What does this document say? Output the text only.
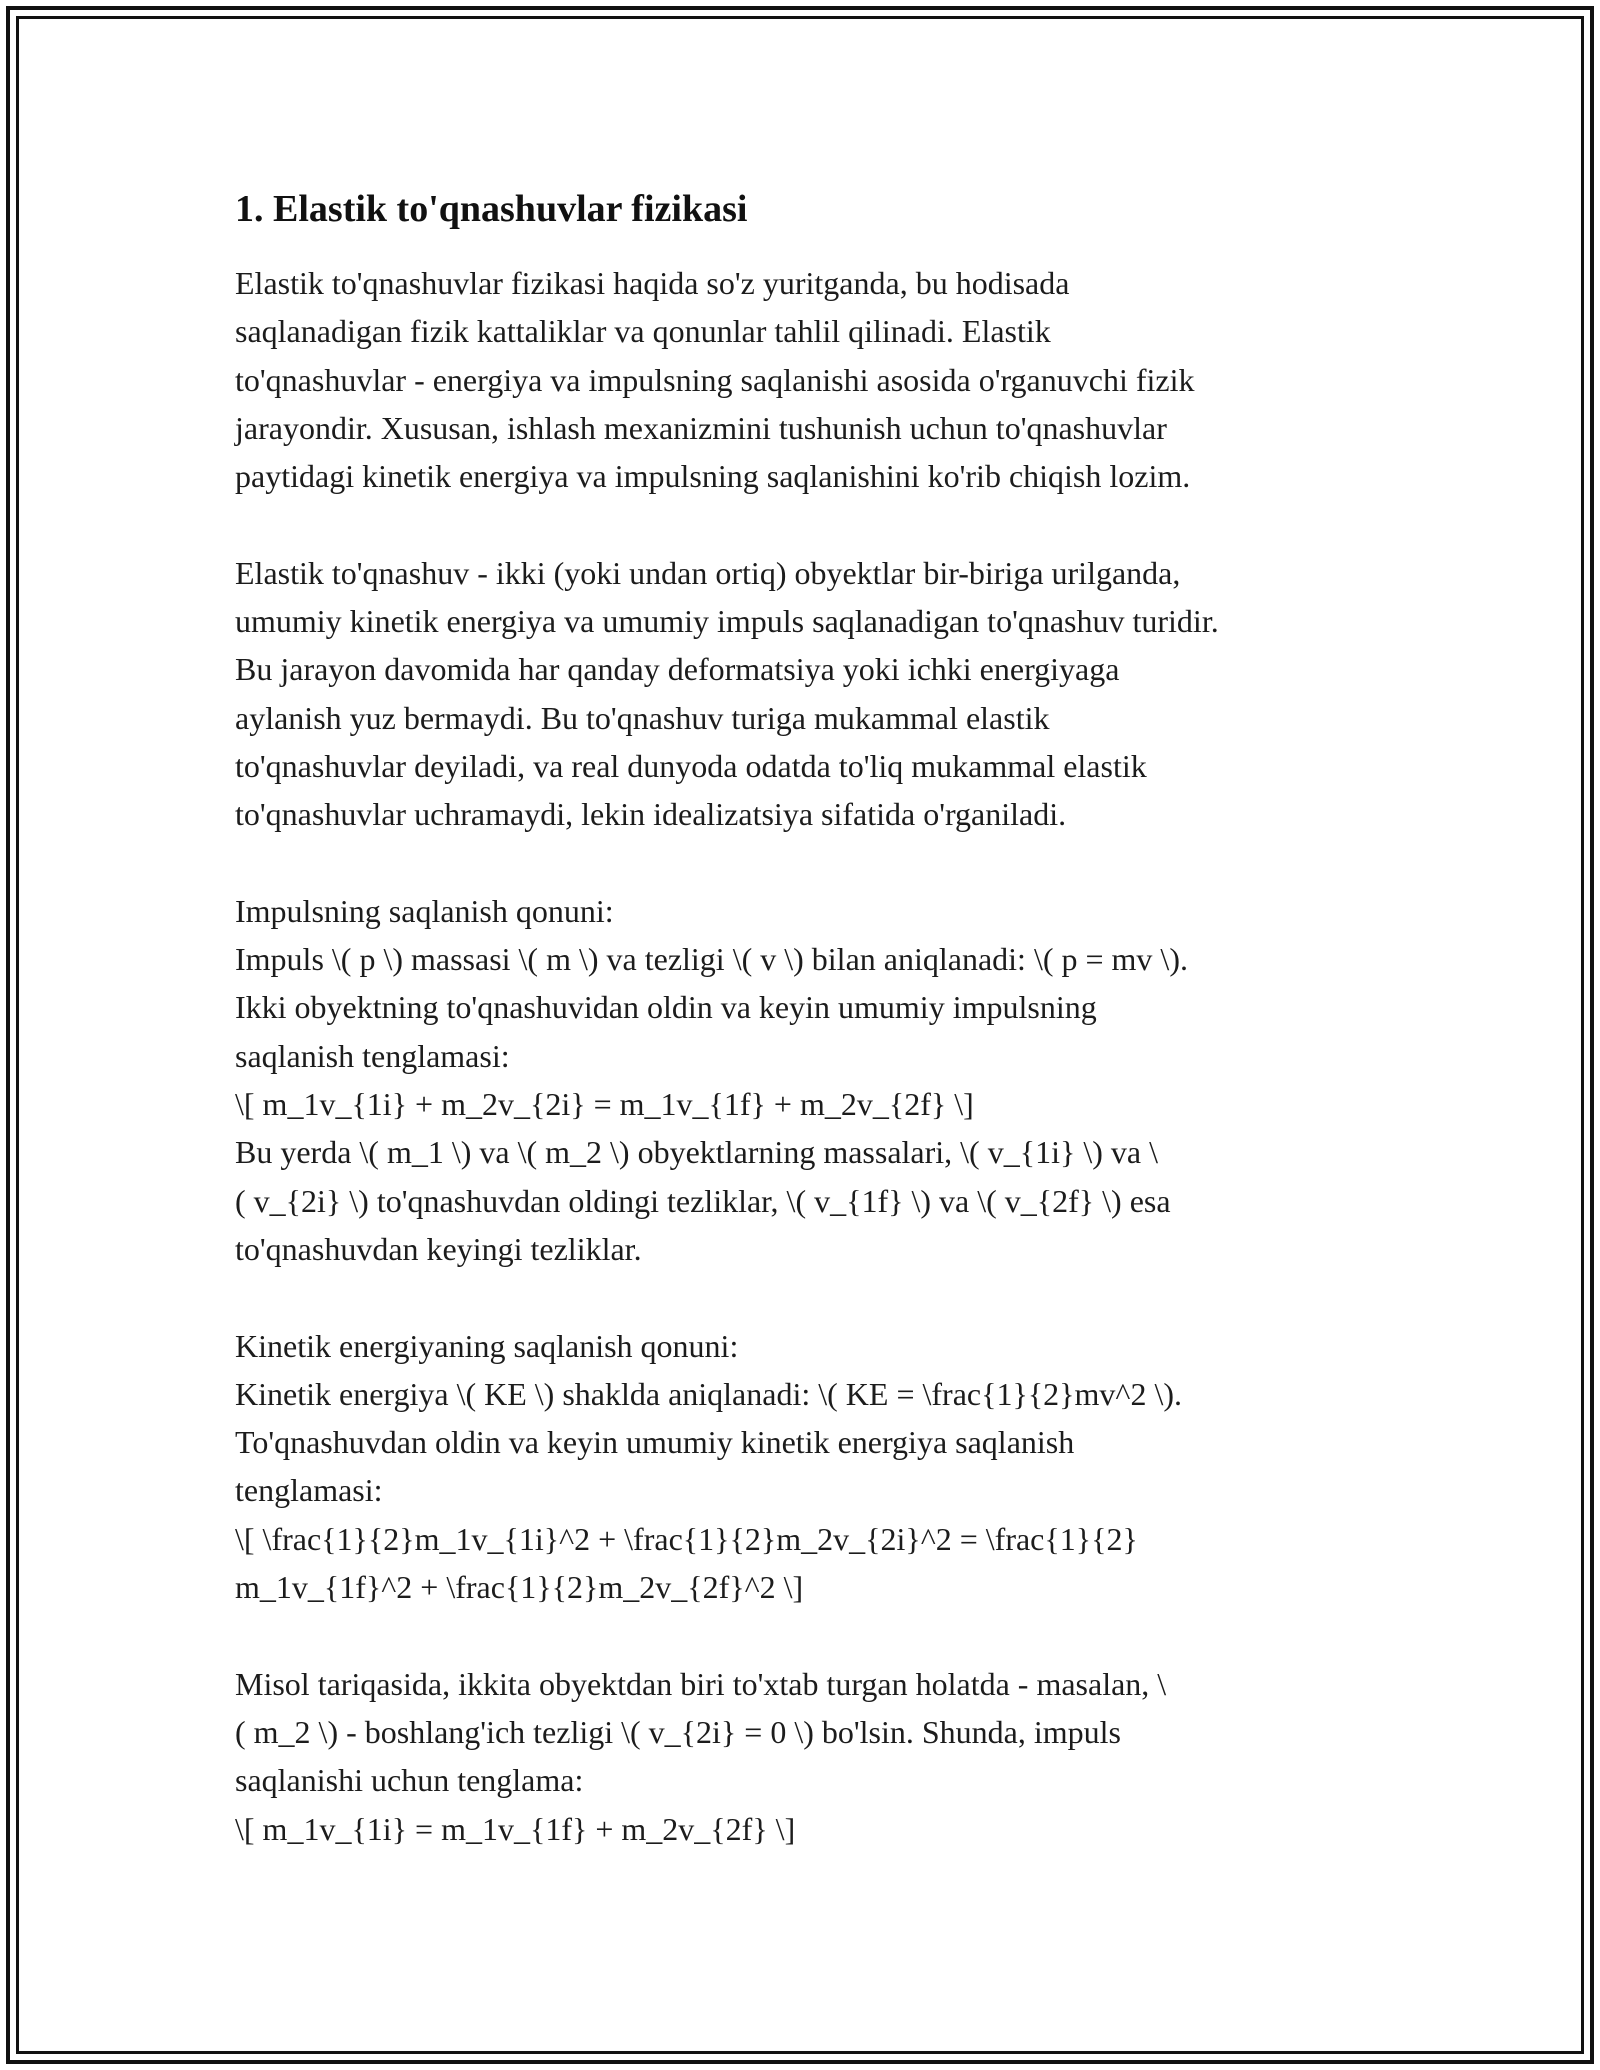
1. Elastik to'qnashuvlar fizikasi
Elastik to'qnashuvlar fizikasi haqida so'z yuritganda, bu hodisada
saqlanadigan fizik kattaliklar va qonunlar tahlil qilinadi. Elastik
to'qnashuvlar - energiya va impulsning saqlanishi asosida o'rganuvchi fizik
jarayondir. Xususan, ishlash mexanizmini tushunish uchun to'qnashuvlar
paytidagi kinetik energiya va impulsning saqlanishini ko'rib chiqish lozim.
Elastik to'qnashuv - ikki (yoki undan ortiq) obyektlar bir-biriga urilganda,
umumiy kinetik energiya va umumiy impuls saqlanadigan to'qnashuv turidir.
Bu jarayon davomida har qanday deformatsiya yoki ichki energiyaga
aylanish yuz bermaydi. Bu to'qnashuv turiga mukammal elastik
to'qnashuvlar deyiladi, va real dunyoda odatda to'liq mukammal elastik
to'qnashuvlar uchramaydi, lekin idealizatsiya sifatida o'rganiladi.
Impulsning saqlanish qonuni:
Impuls \( p \) massasi \( m \) va tezligi \( v \) bilan aniqlanadi: \( p = mv \).
Ikki obyektning to'qnashuvidan oldin va keyin umumiy impulsning
saqlanish tenglamasi:
\[ m_1v_{1i} + m_2v_{2i} = m_1v_{1f} + m_2v_{2f} \]
Bu yerda \( m_1 \) va \( m_2 \) obyektlarning massalari, \( v_{1i} \) va \
( v_{2i} \) to'qnashuvdan oldingi tezliklar, \( v_{1f} \) va \( v_{2f} \) esa
to'qnashuvdan keyingi tezliklar.
Kinetik energiyaning saqlanish qonuni:
Kinetik energiya \( KE \) shaklda aniqlanadi: \( KE = \frac{1}{2}mv^2 \).
To'qnashuvdan oldin va keyin umumiy kinetik energiya saqlanish
tenglamasi:
\[ \frac{1}{2}m_1v_{1i}^2 + \frac{1}{2}m_2v_{2i}^2 = \frac{1}{2}
m_1v_{1f}^2 + \frac{1}{2}m_2v_{2f}^2 \]
Misol tariqasida, ikkita obyektdan biri to'xtab turgan holatda - masalan, \
( m_2 \) - boshlang'ich tezligi \( v_{2i} = 0 \) bo'lsin. Shunda, impuls
saqlanishi uchun tenglama:
\[ m_1v_{1i} = m_1v_{1f} + m_2v_{2f} \]
